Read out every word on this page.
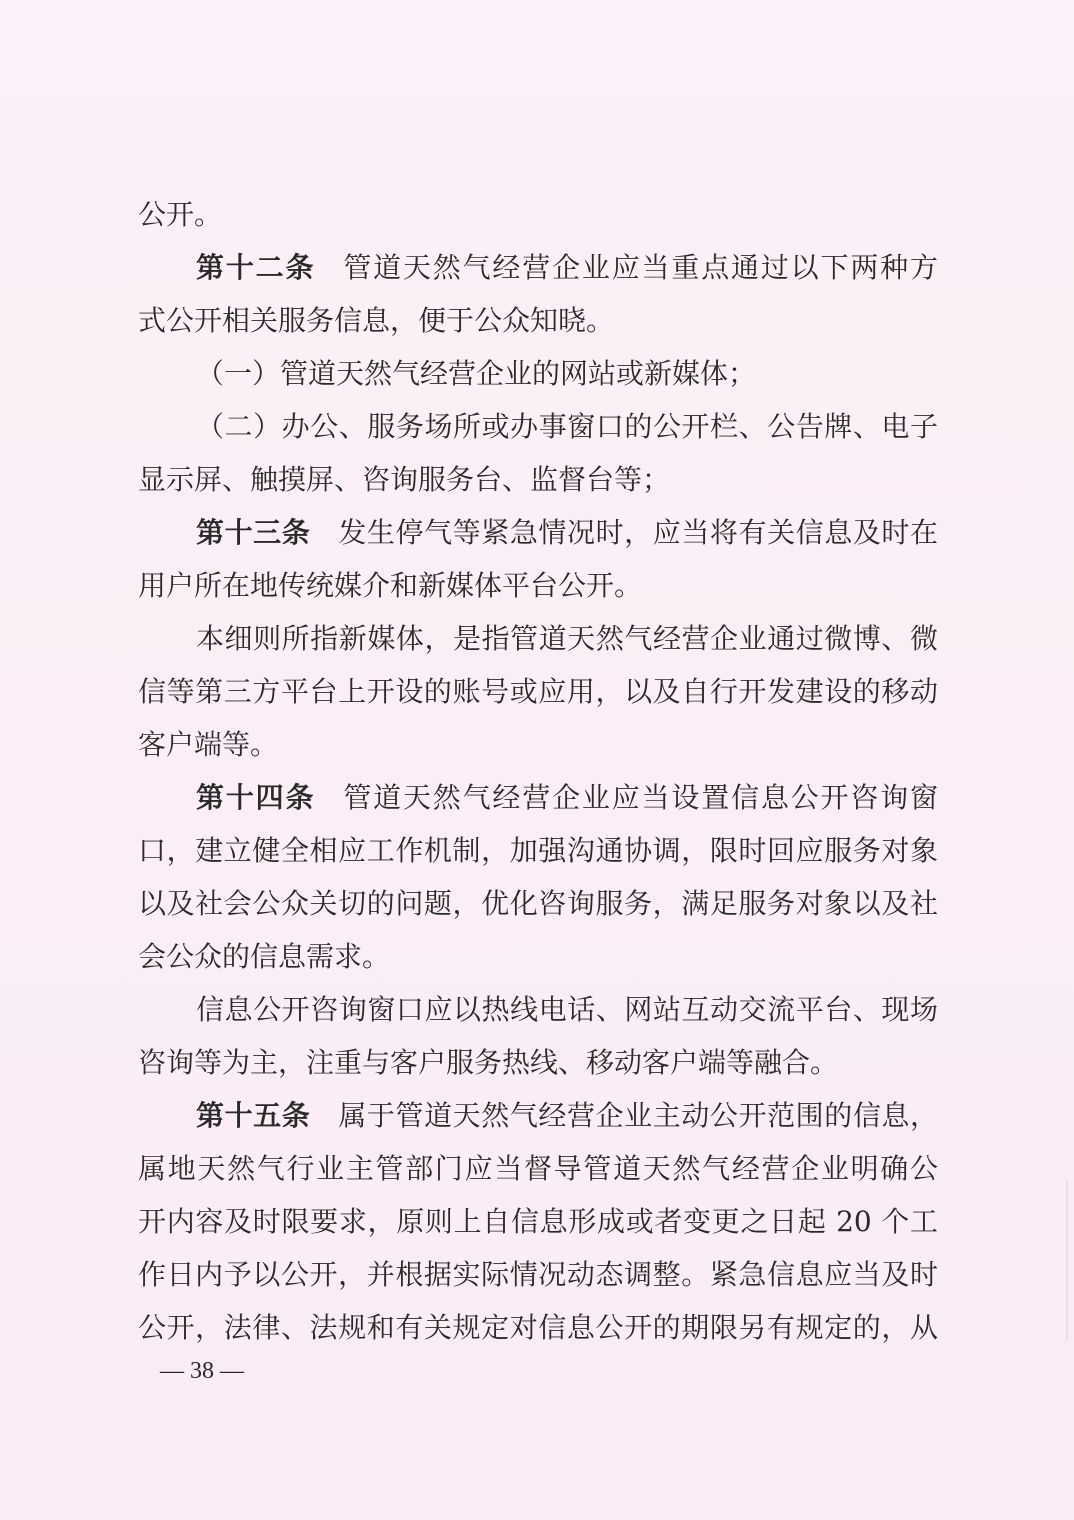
公开。
第十二条 管道天然气经营企业应当重点通过以下两种方
式公开相关服务信息，便于公众知晓。
（一）管道天然气经营企业的网站或新媒体；
（二）办公、服务场所或办事窗口的公开栏、公告牌、电子
显示屏、触摸屏、咨询服务台、监督台等；
第十三条 发生停气等紧急情况时，应当将有关信息及时在
用户所在地传统媒介和新媒体平台公开。
本细则所指新媒体，是指管道天然气经营企业通过微博、微
信等第三方平台上开设的账号或应用，以及自行开发建设的移动
客户端等。
第十四条 管道天然气经营企业应当设置信息公开咨询窗
口，建立健全相应工作机制，加强沟通协调，限时回应服务对象
以及社会公众关切的问题，优化咨询服务，满足服务对象以及社
会公众的信息需求。
信息公开咨询窗口应以热线电话、网站互动交流平台、现场
咨询等为主，注重与客户服务热线、移动客户端等融合。
第十五条 属于管道天然气经营企业主动公开范围的信息，
属地天然气行业主管部门应当督导管道天然气经营企业明确公
开内容及时限要求，原则上自信息形成或者变更之日起 20 个工
作日内予以公开，并根据实际情况动态调整。紧急信息应当及时
公开，法律、法规和有关规定对信息公开的期限另有规定的，从
— 38 —
